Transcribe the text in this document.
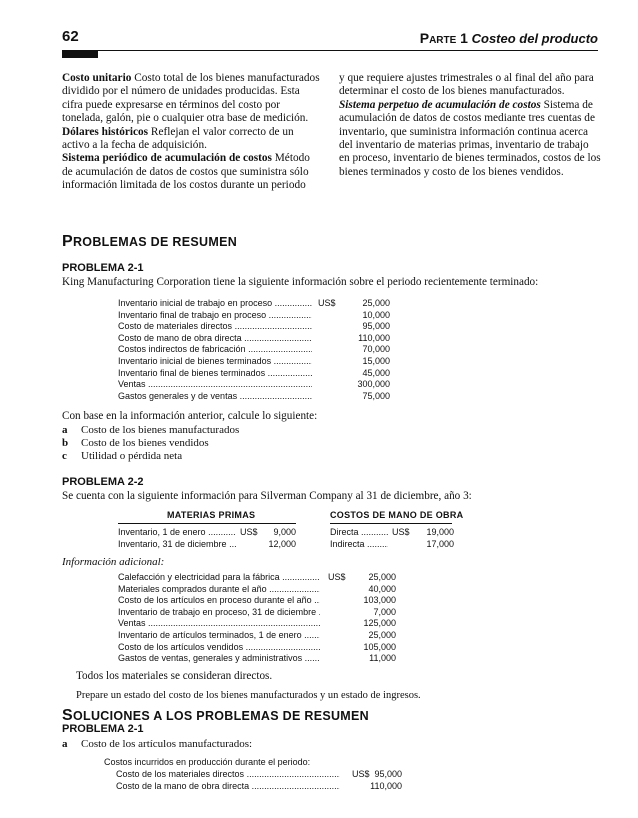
62	Parte 1 Costeo del producto

Costo unitario Costo total de los bienes manufacturados dividido por el número de unidades producidas. Esta cifra puede expresarse en términos del costo por tonelada, galón, pie o cualquier otra base de medición.

Dólares históricos Reflejan el valor correcto de un activo a la fecha de adquisición.

Sistema periódico de acumulación de costos Método de acumulación de datos de costos que suministra sólo información limitada de los costos durante un periodo

y que requiere ajustes trimestrales o al final del año para determinar el costo de los bienes manufacturados.

Sistema perpetuo de acumulación de costos Sistema de acumulación de datos de costos mediante tres cuentas de inventario, que suministra información continua acerca del inventario de materias primas, inventario de trabajo en proceso, inventario de bienes terminados, costos de los bienes terminados y costo de los bienes vendidos.

PROBLEMAS DE RESUMEN
PROBLEMA 2-1
King Manufacturing Corporation tiene la siguiente información sobre el periodo recientemente terminado:
Inventario inicial de trabajo en proceso .....	US$	25,000
Inventario final de trabajo en proceso .....	10,000
Costo de materiales directos .....	95,000
Costo de mano de obra directa .....	110,000
Costos indirectos de fabricación .....	70,000
Inventario inicial de bienes terminados .....	15,000
Inventario final de bienes terminados .....	45,000
Ventas .....	300,000
Gastos generales y de ventas .....	75,000
Con base en la información anterior, calcule lo siguiente:
a Costo de los bienes manufacturados
b Costo de los bienes vendidos
c Utilidad o pérdida neta
PROBLEMA 2-2
Se cuenta con la siguiente información para Silverman Company al 31 de diciembre, año 3:
MATERIAS PRIMAS	COSTOS DE MANO DE OBRA
Inventario, 1 de enero .....	US$ 9,000
Inventario, 31 de diciembre .....	12,000
Directa .....	US$ 19,000
Indirecta .....	17,000
Información adicional:
Calefacción y electricidad para la fábrica .....	US$	25,000
Materiales comprados durante el año .....	40,000
Costo de los artículos en proceso durante el año .....	103,000
Inventario de trabajo en proceso, 31 de diciembre .....	7,000
Ventas .....	125,000
Inventario de artículos terminados, 1 de enero .....	25,000
Costo de los artículos vendidos .....	105,000
Gastos de ventas, generales y administrativos .....	11,000
Todos los materiales se consideran directos.
Prepare un estado del costo de los bienes manufacturados y un estado de ingresos.
SOLUCIONES A LOS PROBLEMAS DE RESUMEN
PROBLEMA 2-1
a Costo de los artículos manufacturados:
Costos incurridos en producción durante el periodo:
Costo de los materiales directos .....	US$ 95,000
Costo de la mano de obra directa .....	110,000
